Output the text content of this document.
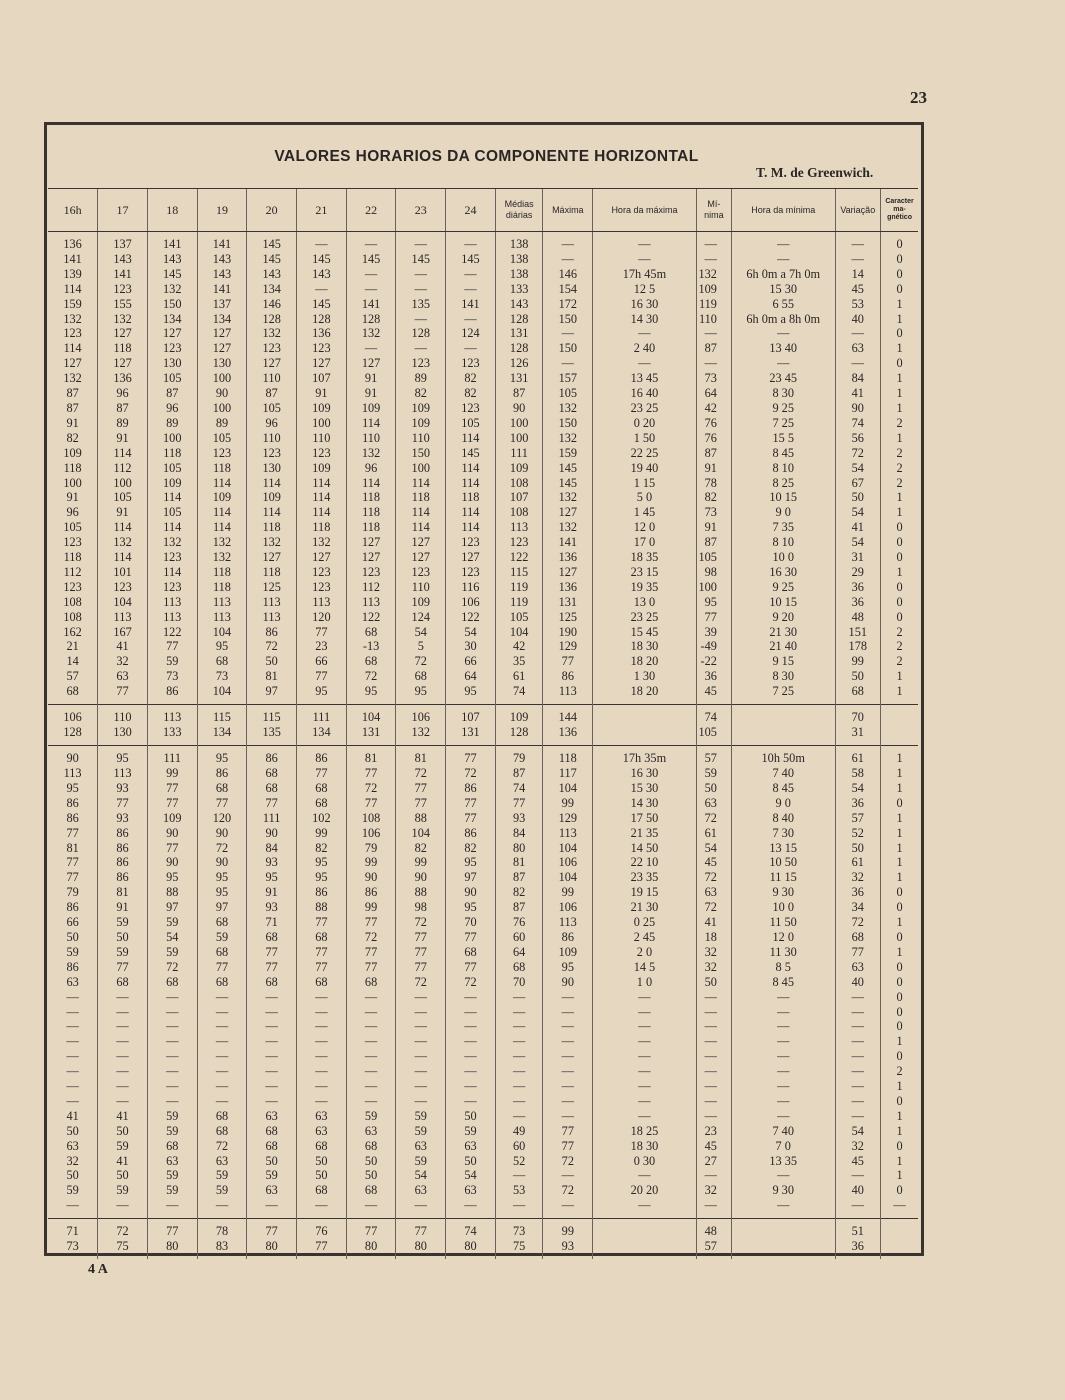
23
VALORES HORARIOS DA COMPONENTE HORIZONTAL
T. M. de Greenwich.
16h	17	18	19	20	21	22	23	24	Médias diárias	Máxima	Hora da máxima	Mí- nima	Hora da mínima	Variação	Caracter ma- gnético
136	137	141	141	145	—	—	—	—	138	—	—	—	—	—	0
141	143	143	143	145	145	145	145	145	138	—	—	—	—	—	0
139	141	145	143	143	143	—	—	—	138	146	17h 45m	132	6h 0m a 7h 0m	14	0
114	123	132	141	134	—	—	—	—	133	154	12 5	109	15 30	45	0
159	155	150	137	146	145	141	135	141	143	172	16 30	119	6 55	53	1
132	132	134	134	128	128	128	—	—	128	150	14 30	110	6h 0m a 8h 0m	40	1
123	127	127	127	132	136	132	128	124	131	—	—	—	—	—	0
114	118	123	127	123	123	—	—	—	128	150	2 40	87	13 40	63	1
127	127	130	130	127	127	127	123	123	126	—	—	—	—	—	0
132	136	105	100	110	107	91	89	82	131	157	13 45	73	23 45	84	1
87	96	87	90	87	91	91	82	82	87	105	16 40	64	8 30	41	1
87	87	96	100	105	109	109	109	123	90	132	23 25	42	9 25	90	1
91	89	89	89	96	100	114	109	105	100	150	0 20	76	7 25	74	2
82	91	100	105	110	110	110	110	114	100	132	1 50	76	15 5	56	1
109	114	118	123	123	123	132	150	145	111	159	22 25	87	8 45	72	2
118	112	105	118	130	109	96	100	114	109	145	19 40	91	8 10	54	2
100	100	109	114	114	114	114	114	114	108	145	1 15	78	8 25	67	2
91	105	114	109	109	114	118	118	118	107	132	5 0	82	10 15	50	1
96	91	105	114	114	114	118	114	114	108	127	1 45	73	9 0	54	1
105	114	114	114	118	118	118	114	114	113	132	12 0	91	7 35	41	0
123	132	132	132	132	132	127	127	123	123	141	17 0	87	8 10	54	0
118	114	123	132	127	127	127	127	127	122	136	18 35	105	10 0	31	0
112	101	114	118	118	123	123	123	123	115	127	23 15	98	16 30	29	1
123	123	123	118	125	123	112	110	116	119	136	19 35	100	9 25	36	0
108	104	113	113	113	113	113	109	106	119	131	13 0	95	10 15	36	0
108	113	113	113	113	120	122	124	122	105	125	23 25	77	9 20	48	0
162	167	122	104	86	77	68	54	54	104	190	15 45	39	21 30	151	2
21	41	77	95	72	23	-13	5	30	42	129	18 30	-49	21 40	178	2
14	32	59	68	50	66	68	72	66	35	77	18 20	-22	9 15	99	2
57	63	73	73	81	77	72	68	64	61	86	1 30	36	8 30	50	1
68	77	86	104	97	95	95	95	95	74	113	18 20	45	7 25	68	1
106	110	113	115	115	111	104	106	107	109	144		74		70	
128	130	133	134	135	134	131	132	131	128	136		105		31	
90	95	111	95	86	86	81	81	77	79	118	17h 35m	57	10h 50m	61	1
113	113	99	86	68	77	77	72	72	87	117	16 30	59	7 40	58	1
95	93	77	68	68	68	72	77	86	74	104	15 30	50	8 45	54	1
86	77	77	77	77	68	77	77	77	77	99	14 30	63	9 0	36	0
86	93	109	120	111	102	108	88	77	93	129	17 50	72	8 40	57	1
77	86	90	90	90	99	106	104	86	84	113	21 35	61	7 30	52	1
81	86	77	72	84	82	79	82	82	80	104	14 50	54	13 15	50	1
77	86	90	90	93	95	99	99	95	81	106	22 10	45	10 50	61	1
77	86	95	95	95	95	90	90	97	87	104	23 35	72	11 15	32	1
79	81	88	95	91	86	86	88	90	82	99	19 15	63	9 30	36	0
86	91	97	97	93	88	99	98	95	87	106	21 30	72	10 0	34	0
66	59	59	68	71	77	77	72	70	76	113	0 25	41	11 50	72	1
50	50	54	59	68	68	72	77	77	60	86	2 45	18	12 0	68	0
59	59	59	68	77	77	77	77	68	64	109	2 0	32	11 30	77	1
86	77	72	77	77	77	77	77	77	68	95	14 5	32	8 5	63	0
63	68	68	68	68	68	68	72	72	70	90	1 0	50	8 45	40	0
—	—	—	—	—	—	—	—	—	—	—	—	—	—	—	0
—	—	—	—	—	—	—	—	—	—	—	—	—	—	—	0
—	—	—	—	—	—	—	—	—	—	—	—	—	—	—	0
—	—	—	—	—	—	—	—	—	—	—	—	—	—	—	1
—	—	—	—	—	—	—	—	—	—	—	—	—	—	—	0
—	—	—	—	—	—	—	—	—	—	—	—	—	—	—	2
—	—	—	—	—	—	—	—	—	—	—	—	—	—	—	1
—	—	—	—	—	—	—	—	—	—	—	—	—	—	—	0
41	41	59	68	63	63	59	59	50	—	—	—	—	—	—	1
50	50	59	68	68	63	63	59	59	49	77	18 25	23	7 40	54	1
63	59	68	72	68	68	68	63	63	60	77	18 30	45	7 0	32	0
32	41	63	63	50	50	50	59	50	52	72	0 30	27	13 35	45	1
50	50	59	59	59	50	50	54	54	—	—	—	—	—	—	1
59	59	59	59	63	68	68	63	63	53	72	20 20	32	9 30	40	0
—	—	—	—	—	—	—	—	—	—	—	—	—	—	—	—
71	72	77	78	77	76	77	77	74	73	99		48		51	
73	75	80	83	80	77	80	80	80	75	93		57		36	
4 A
